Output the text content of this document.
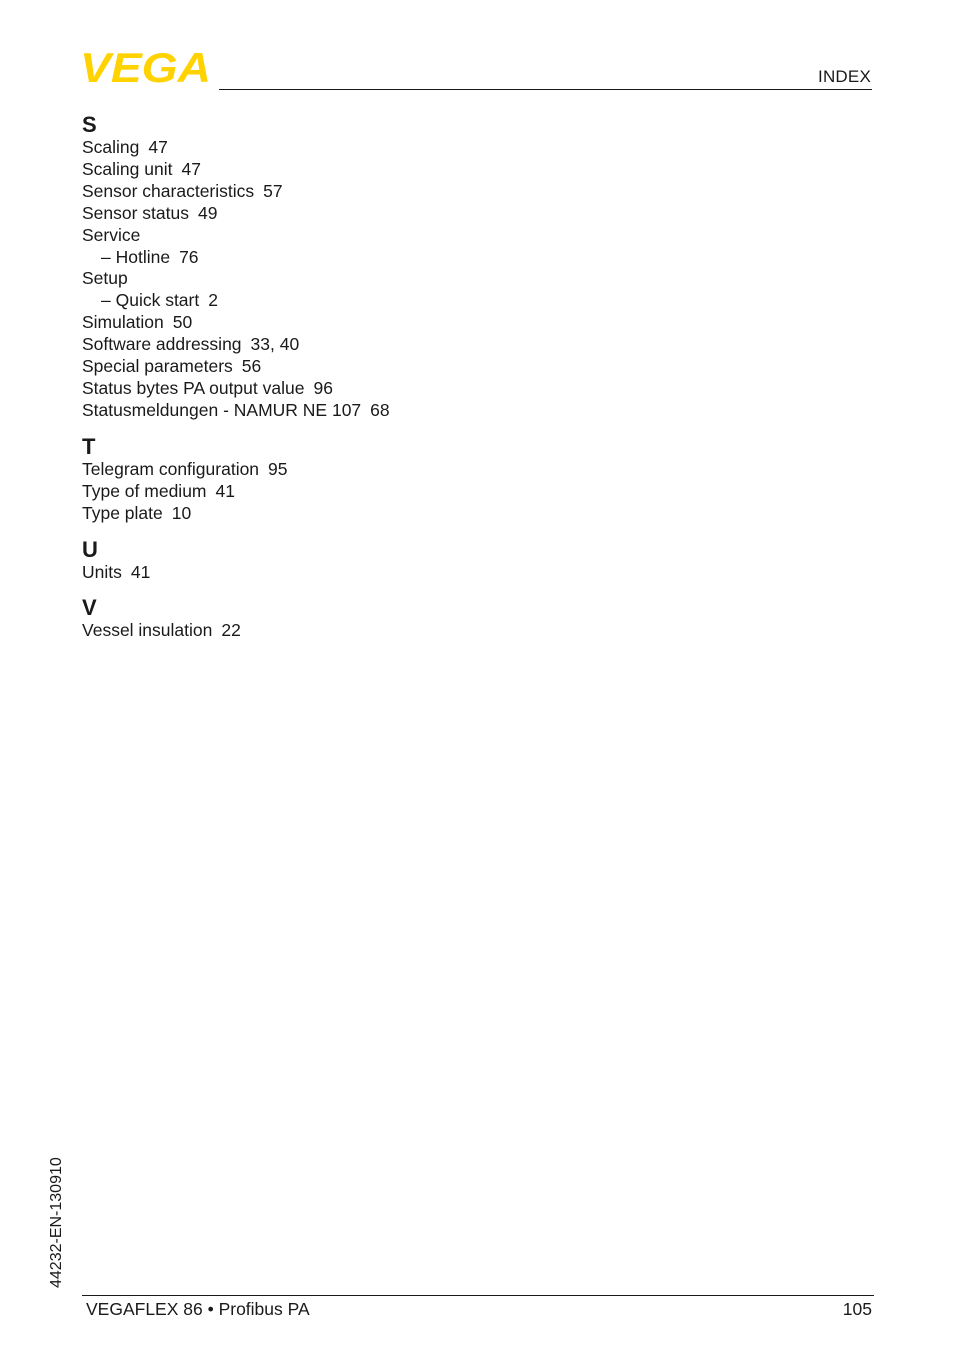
VEGA	INDEX
S
Scaling 47
Scaling unit 47
Sensor characteristics 57
Sensor status 49
Service
– Hotline 76
Setup
– Quick start 2
Simulation 50
Software addressing 33, 40
Special parameters 56
Status bytes PA output value 96
Statusmeldungen - NAMUR NE 107 68
T
Telegram configuration 95
Type of medium 41
Type plate 10
U
Units 41
V
Vessel insulation 22
44232-EN-130910
VEGAFLEX 86 • Profibus PA	105
